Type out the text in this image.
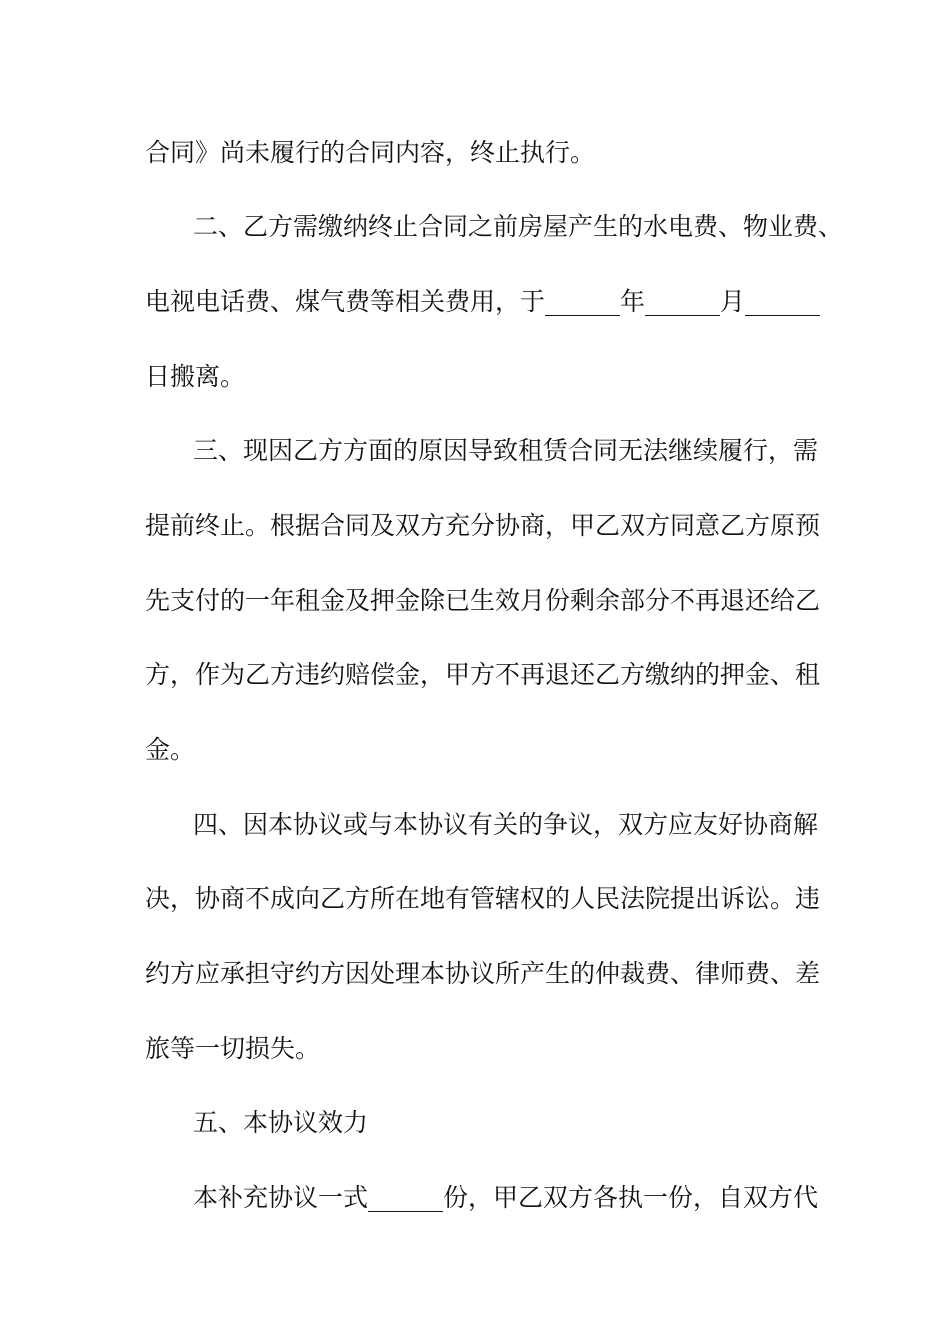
合同》尚未履行的合同内容，终止执行。
二、乙方需缴纳终止合同之前房屋产生的水电费、物业费、
电视电话费、煤气费等相关费用，于______年______月______
日搬离。
三、现因乙方方面的原因导致租赁合同无法继续履行，需
提前终止。根据合同及双方充分协商，甲乙双方同意乙方原预
先支付的一年租金及押金除已生效月份剩余部分不再退还给乙
方，作为乙方违约赔偿金，甲方不再退还乙方缴纳的押金、租
金。
四、因本协议或与本协议有关的争议，双方应友好协商解
决，协商不成向乙方所在地有管辖权的人民法院提出诉讼。违
约方应承担守约方因处理本协议所产生的仲裁费、律师费、差
旅等一切损失。
五、本协议效力
本补充协议一式______份，甲乙双方各执一份，自双方代
